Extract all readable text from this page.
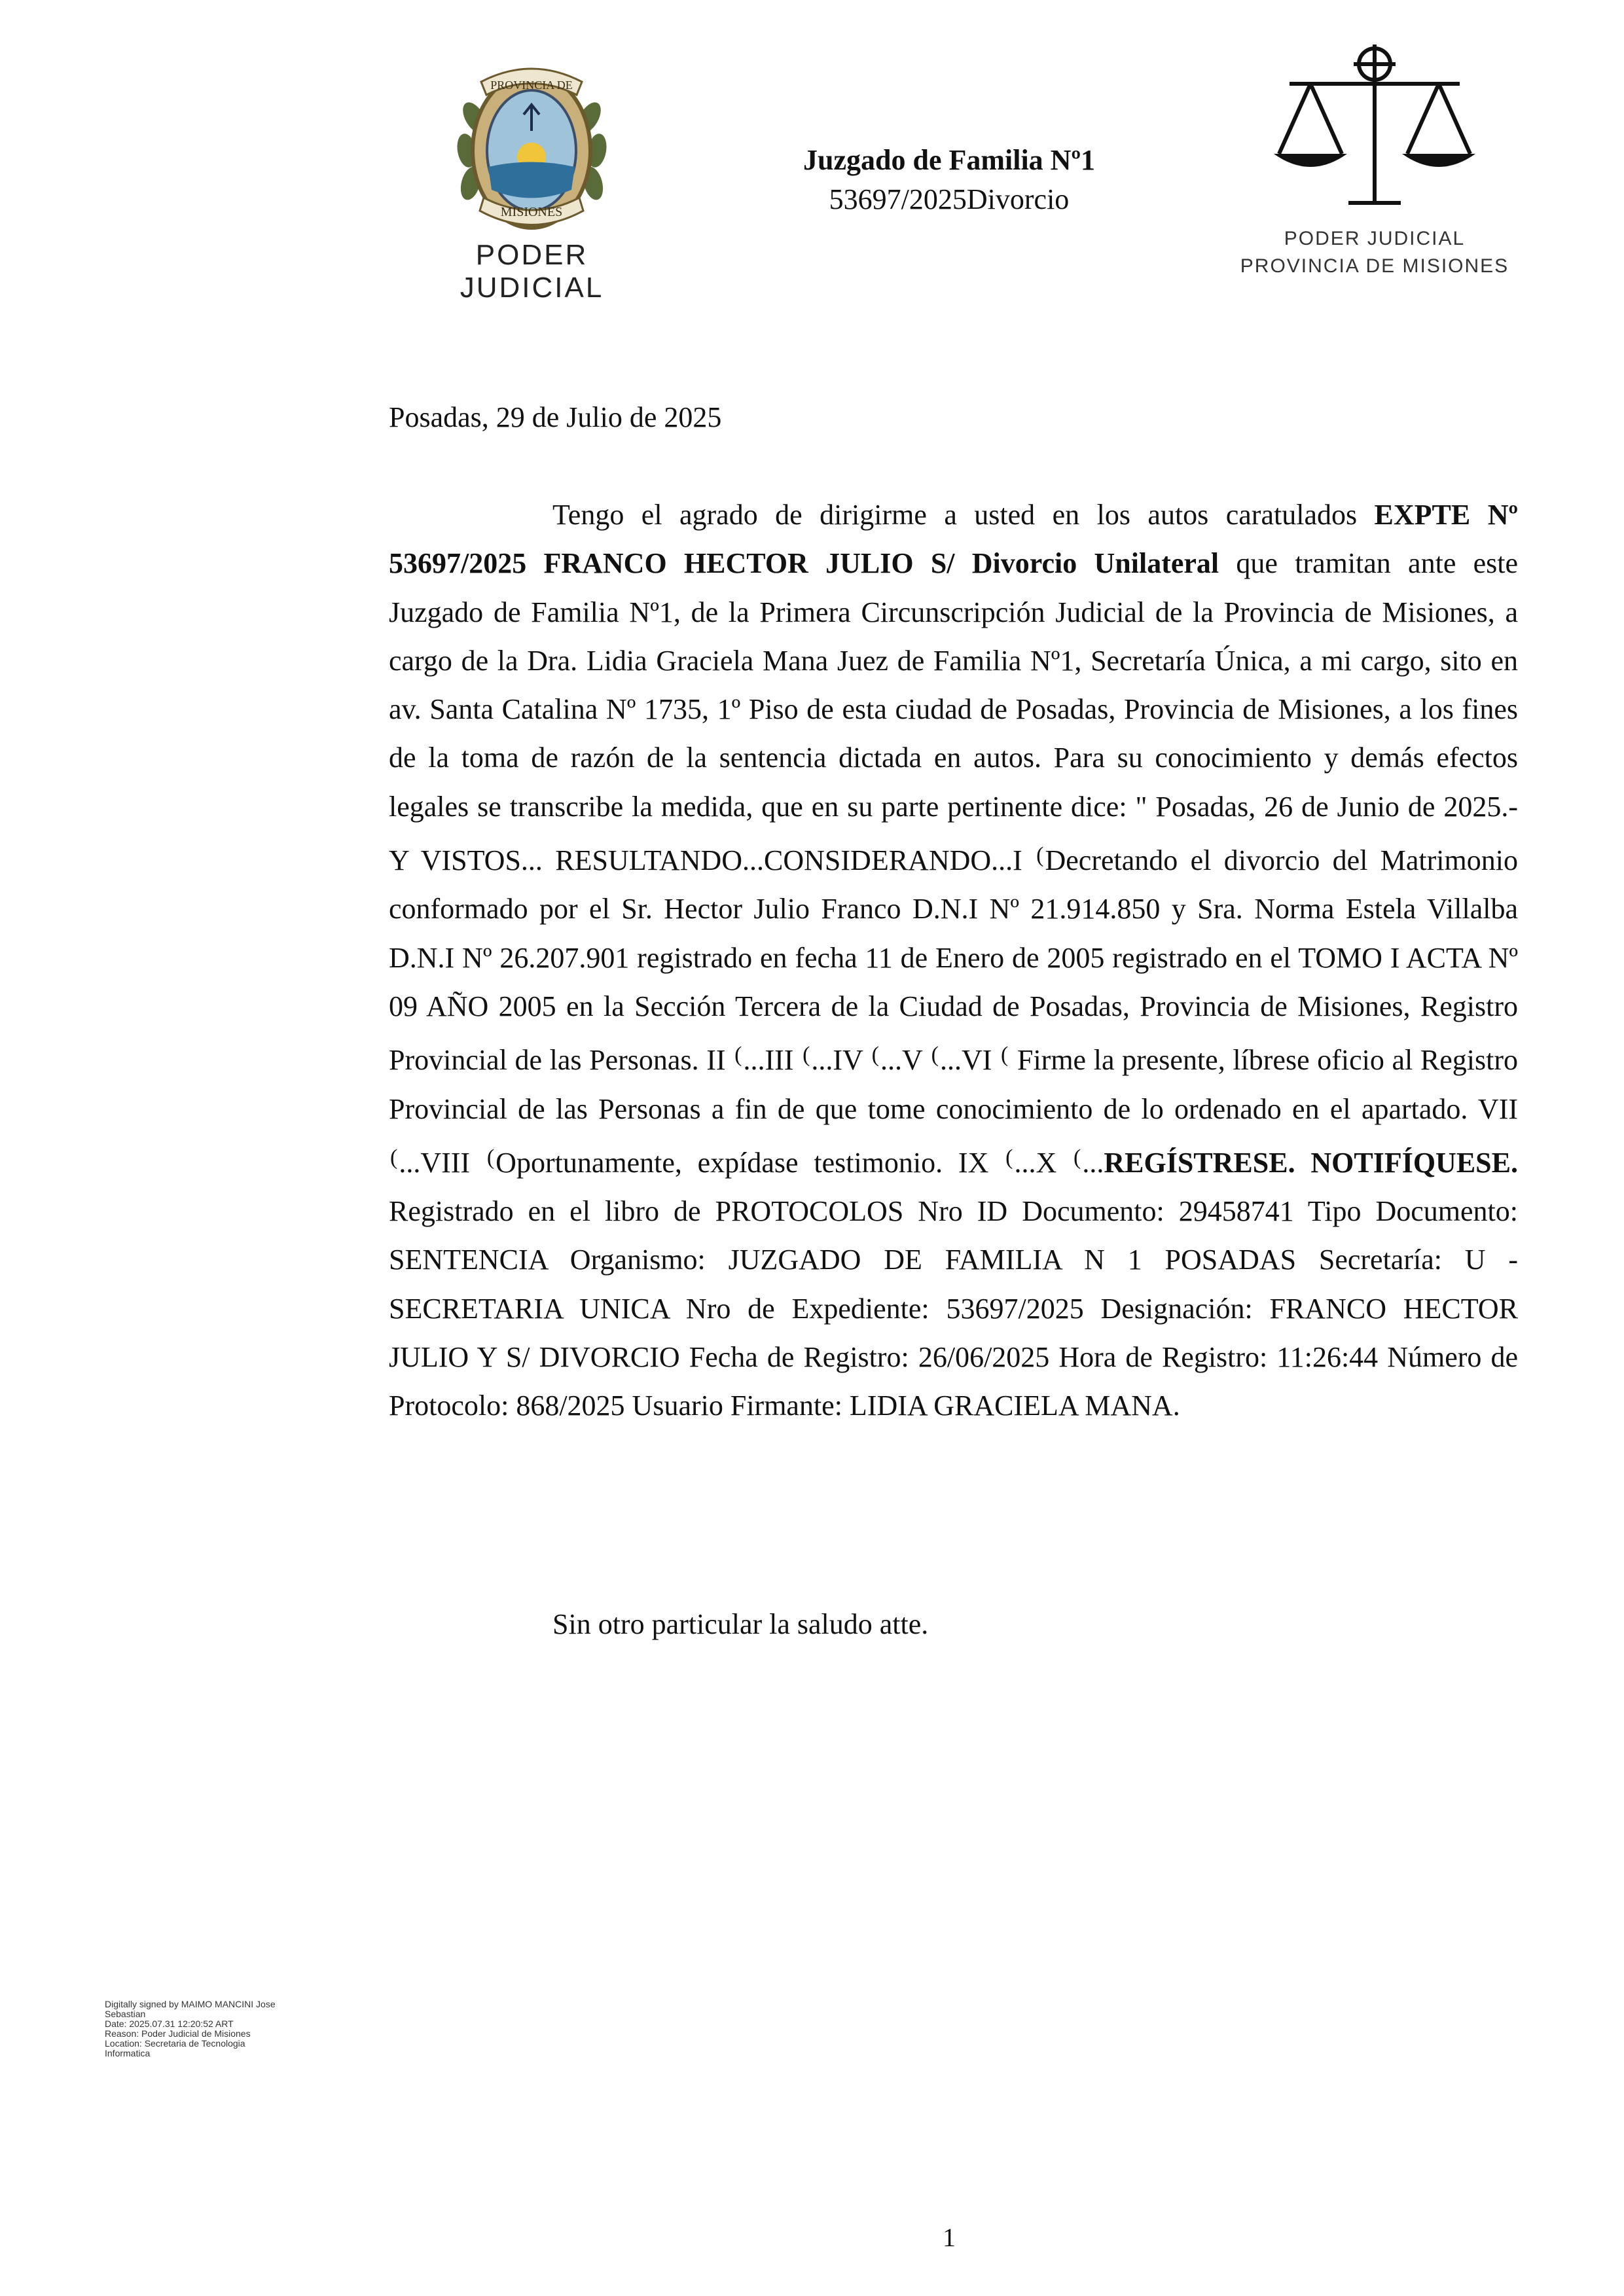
PROVINCIA DE
MISIONES
PODER JUDICIAL
Juzgado de Familia Nº1
53697/2025Divorcio
PODER JUDICIAL
PROVINCIA DE MISIONES
Posadas, 29 de Julio de 2025
Tengo el agrado de dirigirme a usted en los autos caratulados EXPTE Nº 53697/2025 FRANCO HECTOR JULIO S/ Divorcio Unilateral que tramitan ante este Juzgado de Familia Nº1, de la Primera Circunscripción Judicial de la Provincia de Misiones, a cargo de la Dra. Lidia Graciela Mana Juez de Familia Nº1, Secretaría Única, a mi cargo, sito en av. Santa Catalina Nº 1735, 1º Piso de esta ciudad de Posadas, Provincia de Misiones, a los fines de la toma de razón de la sentencia dictada en autos. Para su conocimiento y demás efectos legales se transcribe la medida, que en su parte pertinente dice: " Posadas, 26 de Junio de 2025.- Y VISTOS... RESULTANDO...CONSIDERANDO...I (Decretando el divorcio del Matrimonio conformado por el Sr. Hector Julio Franco D.N.I Nº 21.914.850 y Sra. Norma Estela Villalba D.N.I Nº 26.207.901 registrado en fecha 11 de Enero de 2005 registrado en el TOMO I ACTA Nº 09 AÑO 2005 en la Sección Tercera de la Ciudad de Posadas, Provincia de Misiones, Registro Provincial de las Personas. II (...III (...IV (...V (...VI ( Firme la presente, líbrese oficio al Registro Provincial de las Personas a fin de que tome conocimiento de lo ordenado en el apartado. VII (...VIII (Oportunamente, expídase testimonio. IX (...X (...REGÍSTRESE. NOTIFÍQUESE. Registrado en el libro de PROTOCOLOS Nro ID Documento: 29458741 Tipo Documento: SENTENCIA Organismo: JUZGADO DE FAMILIA N 1 POSADAS Secretaría: U - SECRETARIA UNICA Nro de Expediente: 53697/2025 Designación: FRANCO HECTOR JULIO Y S/ DIVORCIO Fecha de Registro: 26/06/2025 Hora de Registro: 11:26:44 Número de Protocolo: 868/2025 Usuario Firmante: LIDIA GRACIELA MANA.
Sin otro particular la saludo atte.
Digitally signed by MAIMO MANCINI Jose
Sebastian
Date: 2025.07.31 12:20:52 ART
Reason: Poder Judicial de Misiones
Location: Secretaria de Tecnologia
Informatica
1
